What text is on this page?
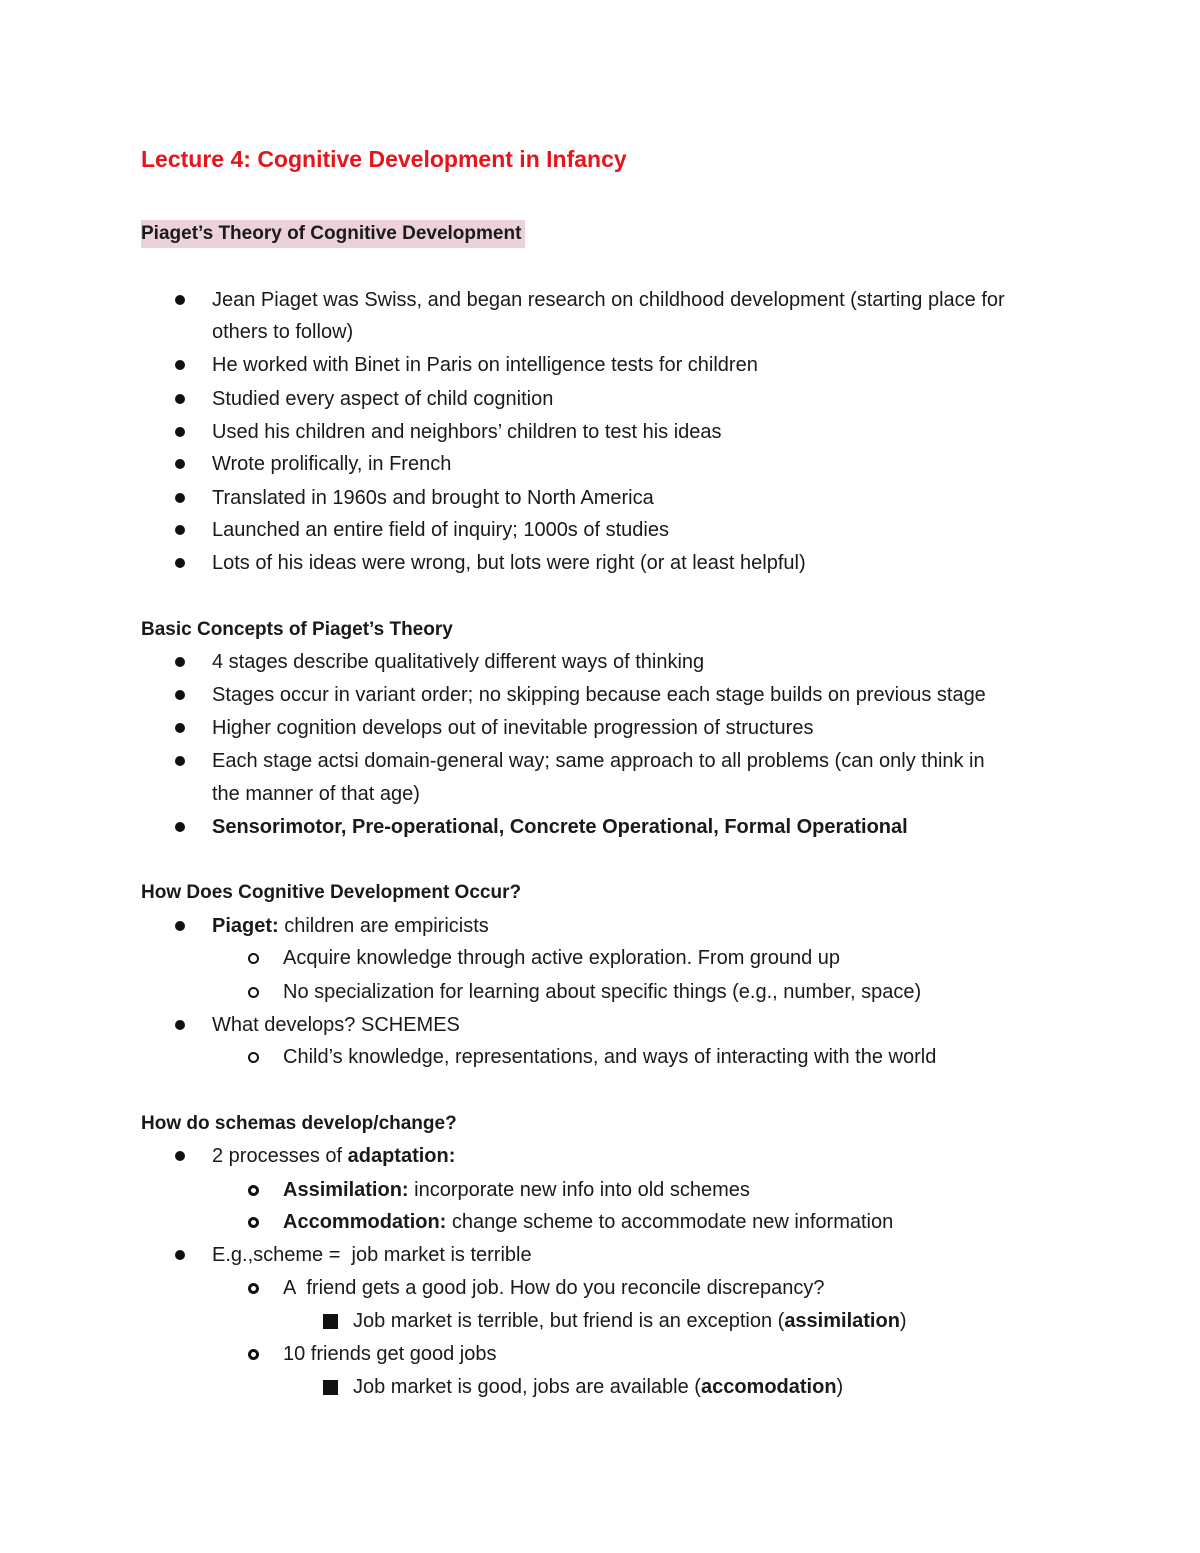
Lecture 4: Cognitive Development in Infancy
Piaget’s Theory of Cognitive Development
Jean Piaget was Swiss, and began research on childhood development (starting place for
others to follow)
He worked with Binet in Paris on intelligence tests for children
Studied every aspect of child cognition
Used his children and neighbors’ children to test his ideas
Wrote prolifically, in French
Translated in 1960s and brought to North America
Launched an entire field of inquiry; 1000s of studies
Lots of his ideas were wrong, but lots were right (or at least helpful)
Basic Concepts of Piaget’s Theory
4 stages describe qualitatively different ways of thinking
Stages occur in variant order; no skipping because each stage builds on previous stage
Higher cognition develops out of inevitable progression of structures
Each stage actsi domain-general way; same approach to all problems (can only think in
the manner of that age)
Sensorimotor, Pre-operational, Concrete Operational, Formal Operational
How Does Cognitive Development Occur?
Piaget: children are empiricists
Acquire knowledge through active exploration. From ground up
No specialization for learning about specific things (e.g., number, space)
What develops? SCHEMES
Child’s knowledge, representations, and ways of interacting with the world
How do schemas develop/change?
2 processes of adaptation:
Assimilation: incorporate new info into old schemes
Accommodation: change scheme to accommodate new information
E.g.,scheme =  job market is terrible
A  friend gets a good job. How do you reconcile discrepancy?
Job market is terrible, but friend is an exception (assimilation)
10 friends get good jobs
Job market is good, jobs are available (accomodation)
